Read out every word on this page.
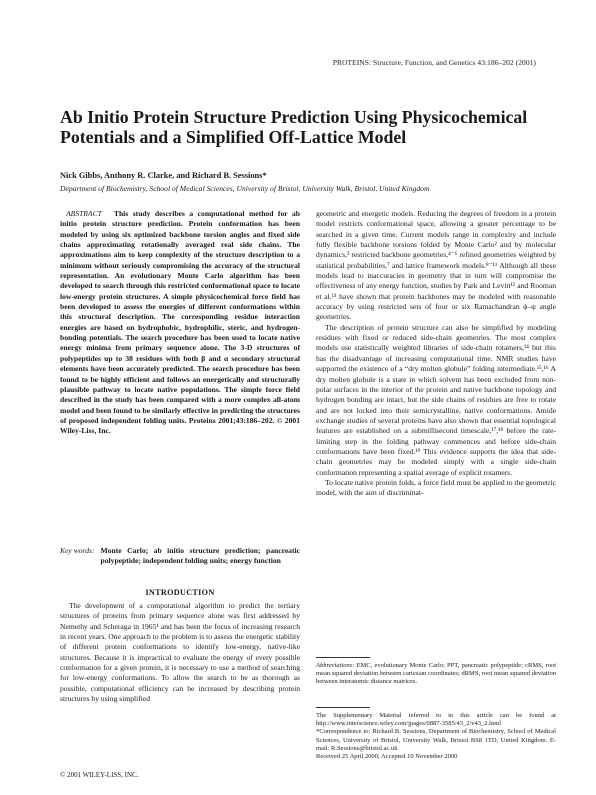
PROTEINS: Structure, Function, and Genetics 43:186–202 (2001)
Ab Initio Protein Structure Prediction Using Physicochemical Potentials and a Simplified Off-Lattice Model
Nick Gibbs, Anthony R. Clarke, and Richard B. Sessions*
Department of Biochemistry, School of Medical Sciences, University of Bristol, University Walk, Bristol, United Kingdom
ABSTRACT This study describes a computational method for ab initio protein structure prediction. Protein conformation has been modeled by using six optimized backbone torsion angles and fixed side chains approximating rotationally averaged real side chains. The approximations aim to keep complexity of the structure description to a minimum without seriously compromising the accuracy of the structural representation. An evolutionary Monte Carlo algorithm has been developed to search through this restricted conformational space to locate low-energy protein structures. A simple physicochemical force field has been developed to assess the energies of different conformations within this structural description. The corresponding residue interaction energies are based on hydrophobic, hydrophilic, steric, and hydrogen-bonding potentials. The search procedure has been used to locate native energy minima from primary sequence alone. The 3-D structures of polypeptides up to 38 residues with both β and α secondary structural elements have been accurately predicted. The search procedure has been found to be highly efficient and follows an energetically and structurally plausible pathway to locate native populations. The simple force field described in the study has been compared with a more complex all-atom model and been found to be similarly effective in predicting the structures of proposed independent folding units. Proteins 2001;43:186–202. © 2001 Wiley-Liss, Inc.
Key words: Monte Carlo; ab initio structure prediction; pancreatic polypeptide; independent folding units; energy function
INTRODUCTION
The development of a computational algorithm to predict the tertiary structures of proteins from primary sequence alone was first addressed by Nemethy and Scheraga in 1965¹ and has been the focus of increasing research in recent years. One approach to the problem is to assess the energetic stability of different protein conformations to identify low-energy, native-like structures. Because it is impractical to evaluate the energy of every possible conformation for a given protein, it is necessary to use a method of searching for low-energy conformations. To allow the search to be as thorough as possible, computational efficiency can be increased by describing protein structures by using simplified
© 2001 WILEY-LISS, INC.

geometric and energetic models. Reducing the degrees of freedom in a protein model restricts conformational space, allowing a greater percentage to be searched in a given time. Current models range in complexity and include fully flexible backbone torsions folded by Monte Carlo² and by molecular dynamics,³ restricted backbone geometries,⁴⁻⁶ refined geometries weighted by statistical probabilities,⁷ and lattice framework models.⁸⁻¹¹ Although all these models lead to inaccuracies in geometry that in turn will compromise the effectiveness of any energy function, studies by Park and Levitt¹² and Rooman et al.¹³ have shown that protein backbones may be modeled with reasonable accuracy by using restricted sets of four or six Ramachandran ϕ–ψ angle geometries.

The description of protein structure can also be simplified by modeling residues with fixed or reduced side-chain geometries. The most complex models use statistically weighted libraries of side-chain rotamers,¹⁴ but this has the disadvantage of increasing computational time. NMR studies have supported the existence of a “dry molten globule” folding intermediate.¹⁵,¹⁶ A dry molten globule is a state in which solvent has been excluded from non-polar surfaces in the interior of the protein and native backbone topology and hydrogen bonding are intact, but the side chains of residues are free to rotate and are not locked into their semicrystalline, native conformations. Amide exchange studies of several proteins have also shown that essential topological features are established on a submillisecond timescale,¹⁷,¹⁸ before the rate-limiting step in the folding pathway commences and before side-chain conformations have been fixed.¹⁹ This evidence supports the idea that side-chain geometries may be modeled simply with a single side-chain conformation representing a spatial average of explicit rotamers.

To locate native protein folds, a force field must be applied to the geometric model, with the aim of discriminat-

Abbreviations: EMC, evolutionary Monte Carlo; PPT, pancreatic polypeptide; cRMS, root mean squared deviation between cartesian coordinates; dRMS, root mean squared deviation between interatomic distance matrices.
The Supplementary Material referred to in this article can be found at http://www.interscience.wiley.com/jpages/0887-3585/43_2/v43_2.html
*Correspondence to: Richard B. Sessions, Department of Biochemistry, School of Medical Sciences, University of Bristol, University Walk, Bristol BS8 1TD, United Kingdom. E-mail: R.Sessions@bristol.ac.uk
Received 25 April 2000; Accepted 10 November 2000
